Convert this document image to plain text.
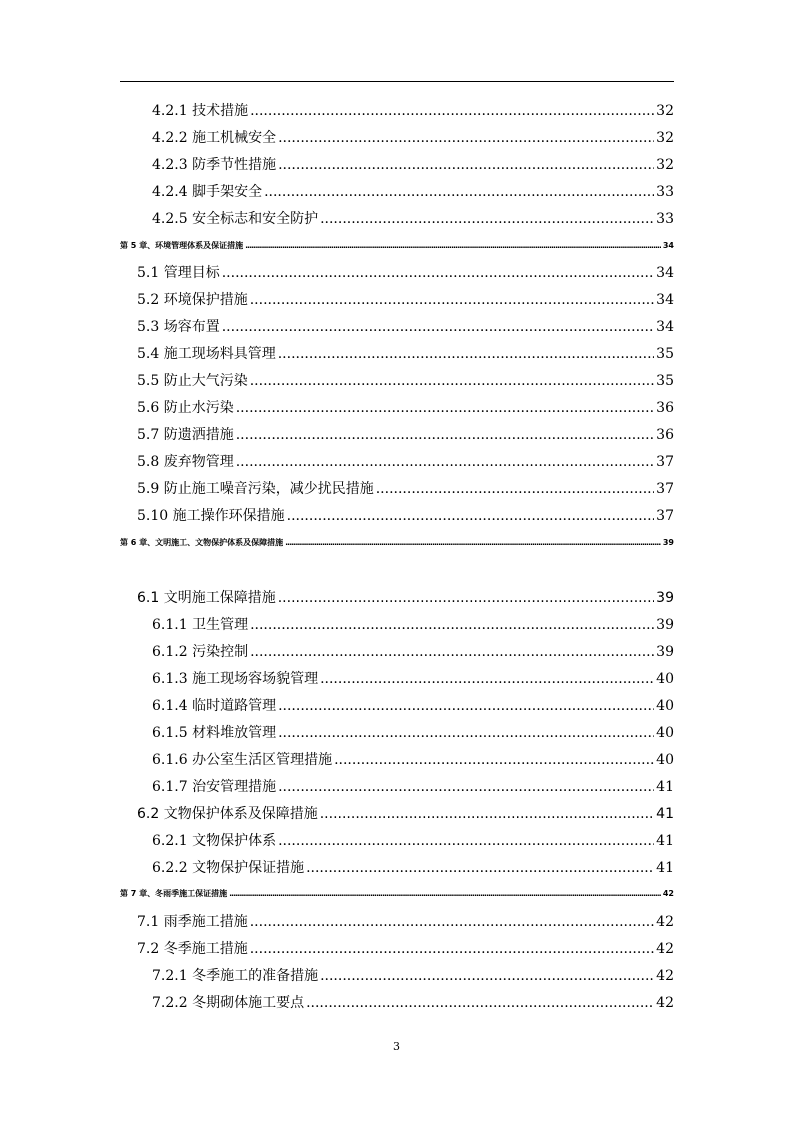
4.2.1 技术措施 .....	32
4.2.2 施工机械安全 .....	32
4.2.3 防季节性措施 .....	32
4.2.4 脚手架安全 .....	33
4.2.5 安全标志和安全防护 .....	33
第 5 章、环境管理体系及保证措施 .....	34
5.1 管理目标 .....	34
5.2 环境保护措施 .....	34
5.3 场容布置 .....	34
5.4 施工现场料具管理 .....	35
5.5 防止大气污染 .....	35
5.6 防止水污染 .....	36
5.7 防遗洒措施 .....	36
5.8 废弃物管理 .....	37
5.9 防止施工噪音污染，减少扰民措施 .....	37
5.10 施工操作环保措施 .....	37
第 6 章、文明施工、文物保护体系及保障措施 .....	39
6.1 文明施工保障措施 .....	39
6.1.1 卫生管理 .....	39
6.1.2 污染控制 .....	39
6.1.3 施工现场容场貌管理 .....	40
6.1.4 临时道路管理 .....	40
6.1.5 材料堆放管理 .....	40
6.1.6 办公室生活区管理措施 .....	40
6.1.7 治安管理措施 .....	41
6.2 文物保护体系及保障措施 .....	41
6.2.1 文物保护体系 .....	41
6.2.2 文物保护保证措施 .....	41
第 7 章、冬雨季施工保证措施 .....	42
7.1 雨季施工措施 .....	42
7.2 冬季施工措施 .....	42
7.2.1 冬季施工的准备措施 .....	42
7.2.2 冬期砌体施工要点 .....	42
3
